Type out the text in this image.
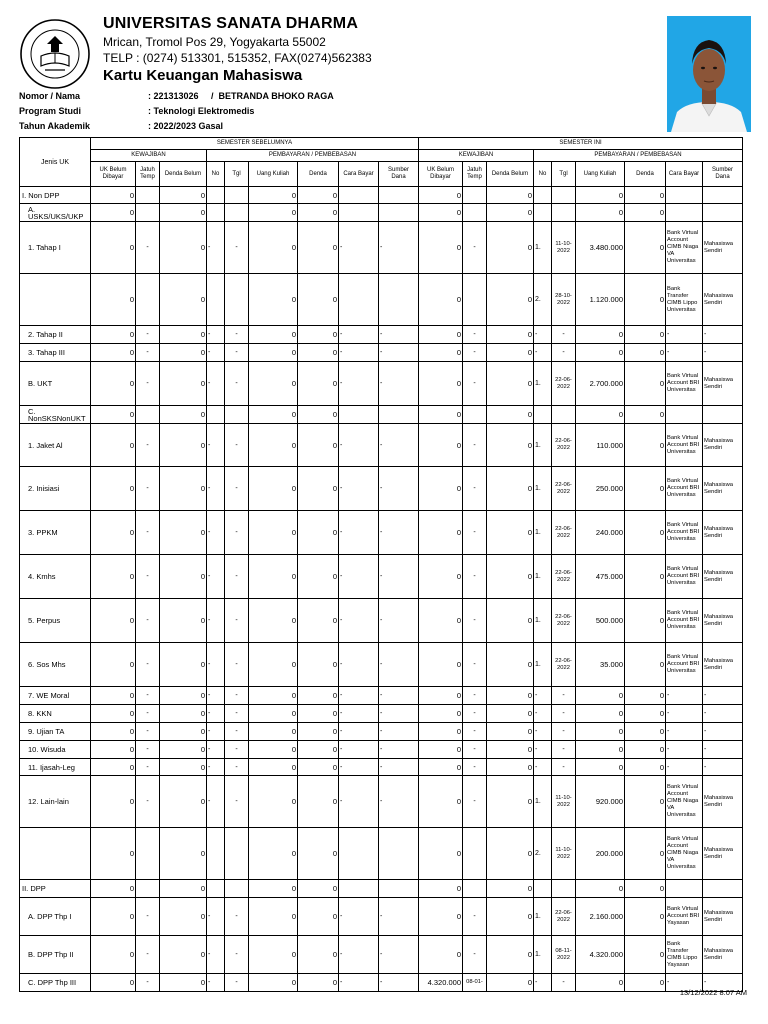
UNIVERSITAS SANATA DHARMA
Mrican, Tromol Pos 29, Yogyakarta 55002
TELP : (0274) 513301, 515352, FAX(0274)562383
Kartu Keuangan Mahasiswa
Nomor / Nama	: 221313026     /  BETRANDA BHOKO RAGA
Program Studi	: Teknologi Elektromedis
Tahun Akademik	: 2022/2023 Gasal
Jenis UK	SEMESTER SEBELUMNYA									SEMESTER INI								
	KEWAJIBAN			PEMBAYARAN / PEMBEBASAN						KEWAJIBAN			PEMBAYARAN / PEMBEBASAN					
	UK Belum Dibayar	Jatuh Temp	Denda Belum	No	Tgl	Uang Kuliah	Denda	Cara Bayar	Sumber Dana	UK Belum Dibayar	Jatuh Temp	Denda Belum	No	Tgl	Uang Kuliah	Denda	Cara Bayar	Sumber Dana
I. Non DPP	0		0			0	0			0		0			0	0		
A. USKS/UKS/UKP	0		0			0	0			0		0			0	0		
1. Tahap I	0	-	0	-	-	0	0	-	-	0	-	0	1.	11-10-2022	3.480.000	0	Bank Virtual Account CIMB Niaga VA Universitas	Mahasiswa Sendiri
	0		0			0	0			0		0	2.	28-10-2022	1.120.000	0	Bank Transfer CIMB Lippo Universitas	Mahasiswa Sendiri
2. Tahap II	0	-	0	-	-	0	0	-	-	0	-	0	-	-	0	0	-	-
3. Tahap III	0	-	0	-	-	0	0	-	-	0	-	0	-	-	0	0	-	-
B. UKT	0	-	0	-	-	0	0	-	-	0	-	0	1.	22-06-2022	2.700.000	0	Bank Virtual Account BRI Universitas	Mahasiswa Sendiri
C. NonSKSNonUKT	0		0			0	0			0		0			0	0		
1. Jaket Al	0	-	0	-	-	0	0	-	-	0	-	0	1.	22-06-2022	110.000	0	Bank Virtual Account BRI Universitas	Mahasiswa Sendiri
2. Inisiasi	0	-	0	-	-	0	0	-	-	0	-	0	1.	22-06-2022	250.000	0	Bank Virtual Account BRI Universitas	Mahasiswa Sendiri
3. PPKM	0	-	0	-	-	0	0	-	-	0	-	0	1.	22-06-2022	240.000	0	Bank Virtual Account BRI Universitas	Mahasiswa Sendiri
4. Kmhs	0	-	0	-	-	0	0	-	-	0	-	0	1.	22-06-2022	475.000	0	Bank Virtual Account BRI Universitas	Mahasiswa Sendiri
5. Perpus	0	-	0	-	-	0	0	-	-	0	-	0	1.	22-06-2022	500.000	0	Bank Virtual Account BRI Universitas	Mahasiswa Sendiri
6. Sos Mhs	0	-	0	-	-	0	0	-	-	0	-	0	1.	22-06-2022	35.000	0	Bank Virtual Account BRI Universitas	Mahasiswa Sendiri
7. WE Moral	0	-	0	-	-	0	0	-	-	0	-	0	-	-	0	0	-	-
8. KKN	0	-	0	-	-	0	0	-	-	0	-	0	-	-	0	0	-	-
9. Ujian TA	0	-	0	-	-	0	0	-	-	0	-	0	-	-	0	0	-	-
10. Wisuda	0	-	0	-	-	0	0	-	-	0	-	0	-	-	0	0	-	-
11. Ijasah-Leg	0	-	0	-	-	0	0	-	-	0	-	0	-	-	0	0	-	-
12. Lain-lain	0	-	0	-	-	0	0	-	-	0	-	0	1.	11-10-2022	920.000	0	Bank Virtual Account CIMB Niaga VA Universitas	Mahasiswa Sendiri
	0		0			0	0			0		0	2.	11-10-2022	200.000	0	Bank Virtual Account CIMB Niaga VA Universitas	Mahasiswa Sendiri
II. DPP	0		0			0	0			0		0			0	0		
A. DPP Thp I	0	-	0	-	-	0	0	-	-	0	-	0	1.	22-06-2022	2.160.000	0	Bank Virtual Account BRI Yayasan	Mahasiswa Sendiri
B. DPP Thp II	0	-	0	-	-	0	0	-	-	0	-	0	1.	08-11-2022	4.320.000	0	Bank Transfer CIMB Lippo Yayasan	Mahasiswa Sendiri
C. DPP Thp III	0	-	0	-	-	0	0	-	-	4.320.000	08-01-	0	-	-	0	0	-	-
13/12/2022 8:07 AM
